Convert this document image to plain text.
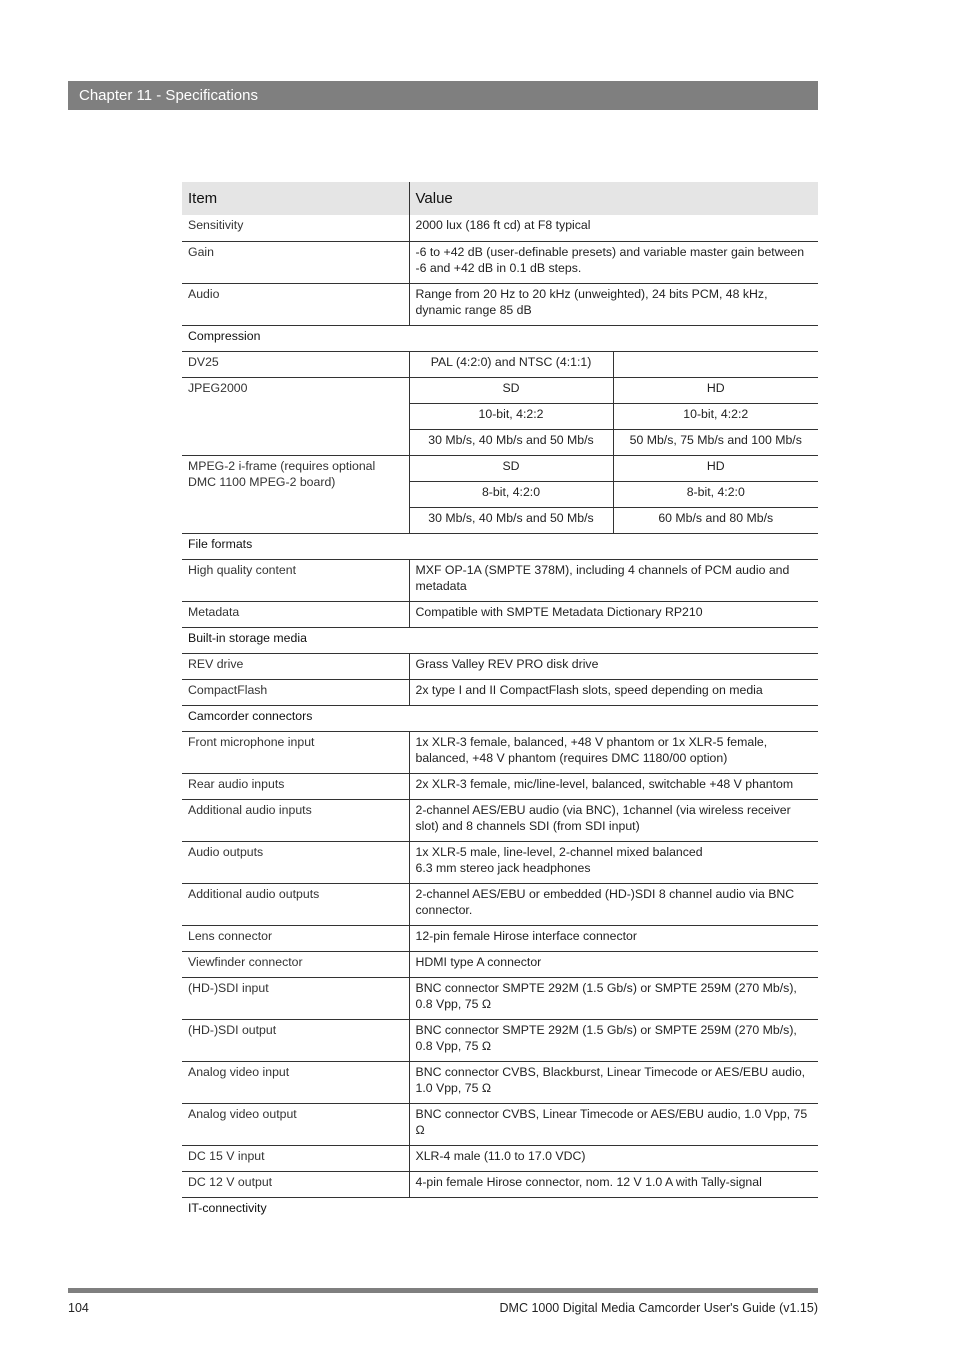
Chapter 11 - Specifications
Item	Value	
Sensitivity	2000 lux (186 ft cd) at F8 typical	
Gain	-6 to +42 dB (user-definable presets) and variable master gain between -6 and +42 dB in 0.1 dB steps.	
Audio	Range from 20 Hz to 20 kHz (unweighted), 24 bits PCM, 48 kHz, dynamic range 85 dB	
Compression		
DV25	PAL (4:2:0) and NTSC (4:1:1)	
JPEG2000	SD	HD
	10-bit, 4:2:2	10-bit, 4:2:2
	30 Mb/s, 40 Mb/s and 50 Mb/s	50 Mb/s, 75 Mb/s and 100 Mb/s
MPEG-2 i-frame (requires optional DMC 1100 MPEG-2 board)	SD	HD
	8-bit, 4:2:0	8-bit, 4:2:0
	30 Mb/s, 40 Mb/s and 50 Mb/s	60 Mb/s and 80 Mb/s
File formats		
High quality content	MXF OP-1A (SMPTE 378M), including 4 channels of PCM audio and metadata	
Metadata	Compatible with SMPTE Metadata Dictionary RP210	
Built-in storage media		
REV drive	Grass Valley REV PRO disk drive	
CompactFlash	2x type I and II CompactFlash slots, speed depending on media	
Camcorder connectors		
Front microphone input	1x XLR-3 female, balanced, +48 V phantom or 1x XLR-5 female, balanced, +48 V phantom (requires DMC 1180/00 option)	
Rear audio inputs	2x XLR-3 female, mic/line-level, balanced, switchable +48 V phantom	
Additional audio inputs	2-channel AES/EBU audio (via BNC), 1channel (via wireless receiver slot) and 8 channels SDI (from SDI input)	
Audio outputs	1x XLR-5 male, line-level, 2-channel mixed balanced
6.3 mm stereo jack headphones	
Additional audio outputs	2-channel AES/EBU or embedded (HD-)SDI 8 channel audio via BNC connector.	
Lens connector	12-pin female Hirose interface connector	
Viewfinder connector	HDMI type A connector	
(HD-)SDI input	BNC connector SMPTE 292M (1.5 Gb/s) or SMPTE 259M (270 Mb/s), 0.8 Vpp, 75 Ω	
(HD-)SDI output	BNC connector SMPTE 292M (1.5 Gb/s) or SMPTE 259M (270 Mb/s), 0.8 Vpp, 75 Ω	
Analog video input	BNC connector CVBS, Blackburst, Linear Timecode or AES/EBU audio, 1.0 Vpp, 75 Ω	
Analog video output	BNC connector CVBS, Linear Timecode or AES/EBU audio, 1.0 Vpp, 75 Ω	
DC 15 V input	XLR-4 male (11.0 to 17.0 VDC)	
DC 12 V output	4-pin female Hirose connector, nom. 12 V 1.0 A with Tally-signal	
IT-connectivity		
104	DMC 1000 Digital Media Camcorder User's Guide (v1.15)
